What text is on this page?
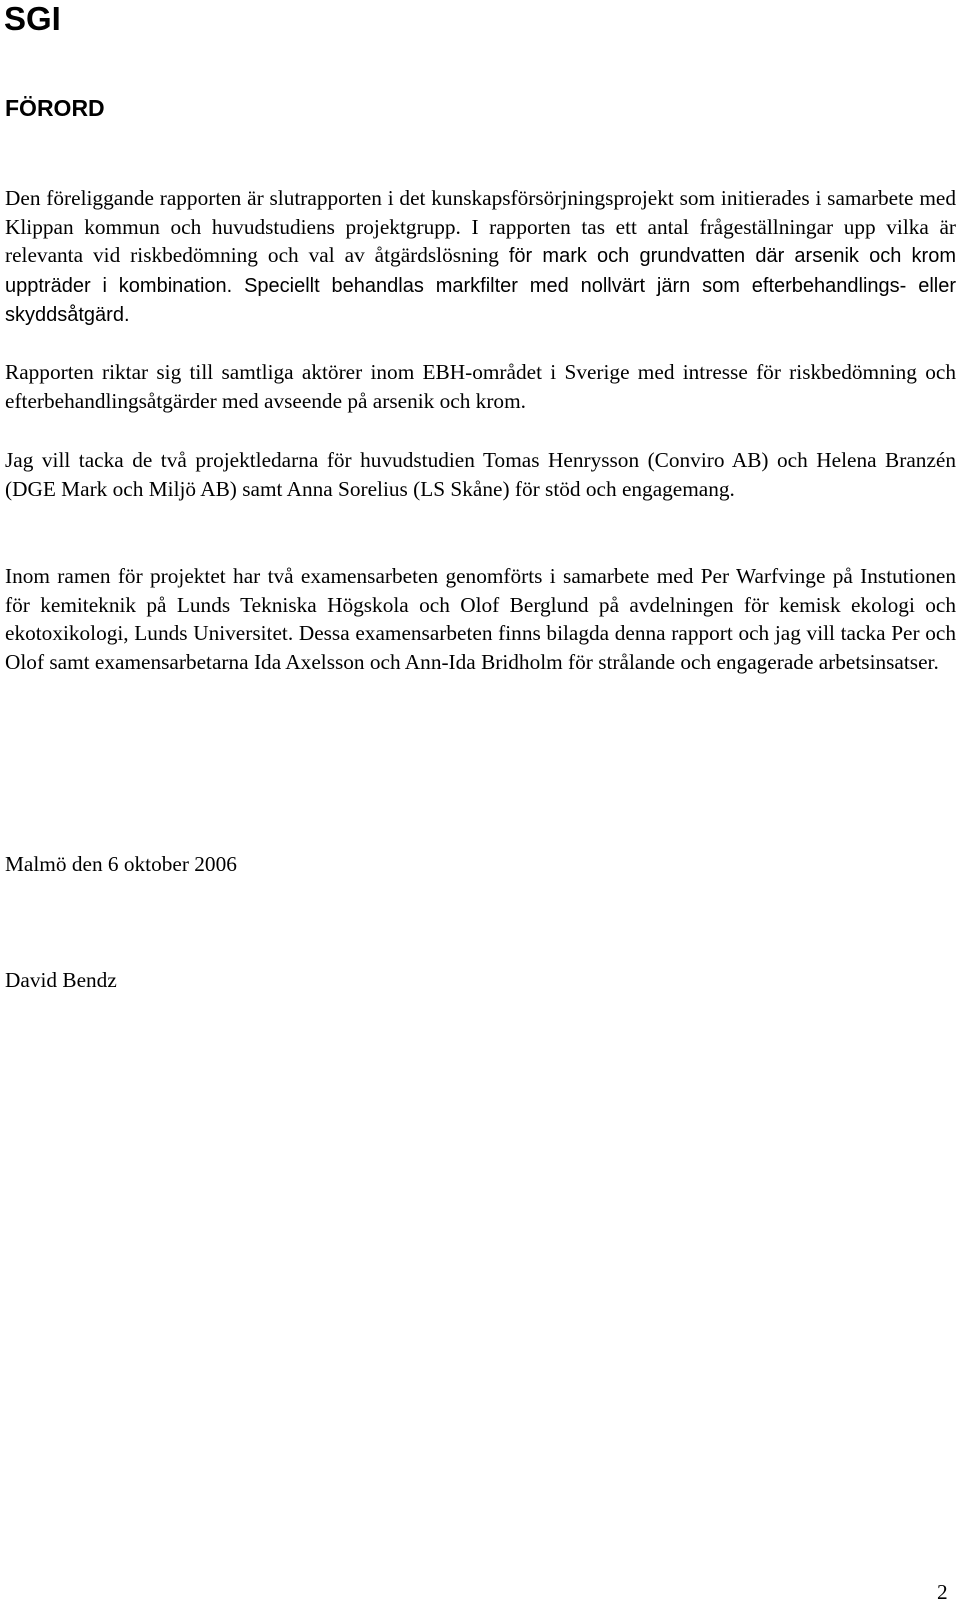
SGI
FÖRORD

Den föreliggande rapporten är slutrapporten i det kunskapsförsörjningsprojekt som initierades i samarbete med Klippan kommun och huvudstudiens projektgrupp. I rapporten tas ett antal frågeställningar upp vilka är relevanta vid riskbedömning och val av åtgärdslösning för mark och grundvatten där arsenik och krom uppträder i kombination. Speciellt behandlas markfilter med nollvärt järn som efterbehandlings- eller skyddsåtgärd.

Rapporten riktar sig till samtliga aktörer inom EBH-området i Sverige med intresse för riskbedömning och efterbehandlingsåtgärder med avseende på arsenik och krom.

Jag vill tacka de två projektledarna för huvudstudien Tomas Henrysson (Conviro AB) och Helena Branzén (DGE Mark och Miljö AB) samt Anna Sorelius (LS Skåne) för stöd och engagemang.

Inom ramen för projektet har två examensarbeten genomförts i samarbete med Per Warfvinge på Instutionen för kemiteknik på Lunds Tekniska Högskola och Olof Berglund på avdelningen för kemisk ekologi och ekotoxikologi, Lunds Universitet. Dessa examensarbeten finns bilagda denna rapport och jag vill tacka Per och Olof samt examensarbetarna Ida Axelsson och Ann-Ida Bridholm för strålande och engagerade arbetsinsatser.

Malmö den 6 oktober 2006

David Bendz

2
